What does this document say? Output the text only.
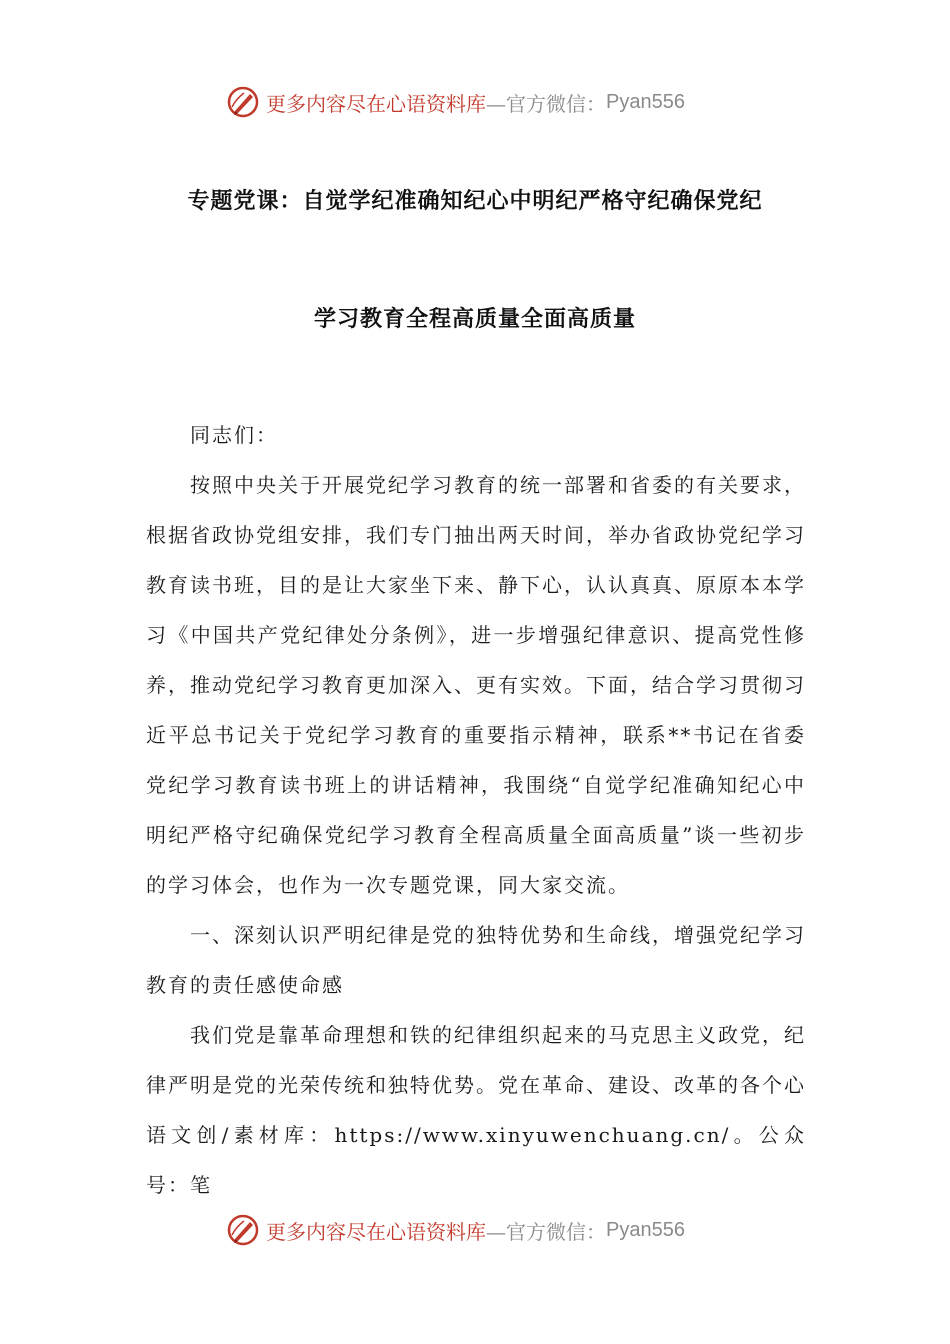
更多内容尽在心语资料库 —官方微信： Pyan556
专题党课：自觉学纪准确知纪心中明纪严格守纪确保党纪
学习教育全程高质量全面高质量

同志们：

按照中央关于开展党纪学习教育的统一部署和省委的有关要求，根据省政协党组安排，我们专门抽出两天时间，举办省政协党纪学习教育读书班，目的是让大家坐下来、静下心，认认真真、原原本本学习《中国共产党纪律处分条例》，进一步增强纪律意识、提高党性修养，推动党纪学习教育更加深入、更有实效。下面，结合学习贯彻习近平总书记关于党纪学习教育的重要指示精神，联系**书记在省委党纪学习教育读书班上的讲话精神，我围绕“自觉学纪准确知纪心中明纪严格守纪确保党纪学习教育全程高质量全面高质量”谈一些初步的学习体会，也作为一次专题党课，同大家交流。

一、深刻认识严明纪律是党的独特优势和生命线，增强党纪学习教育的责任感使命感

我们党是靠革命理想和铁的纪律组织起来的马克思主义政党，纪律严明是党的光荣传统和独特优势。党在革命、建设、改革的各个心语文创/素材库：https://www.xinyuwenchuang.cn/。公众号：笔

更多内容尽在心语资料库 —官方微信： Pyan556
